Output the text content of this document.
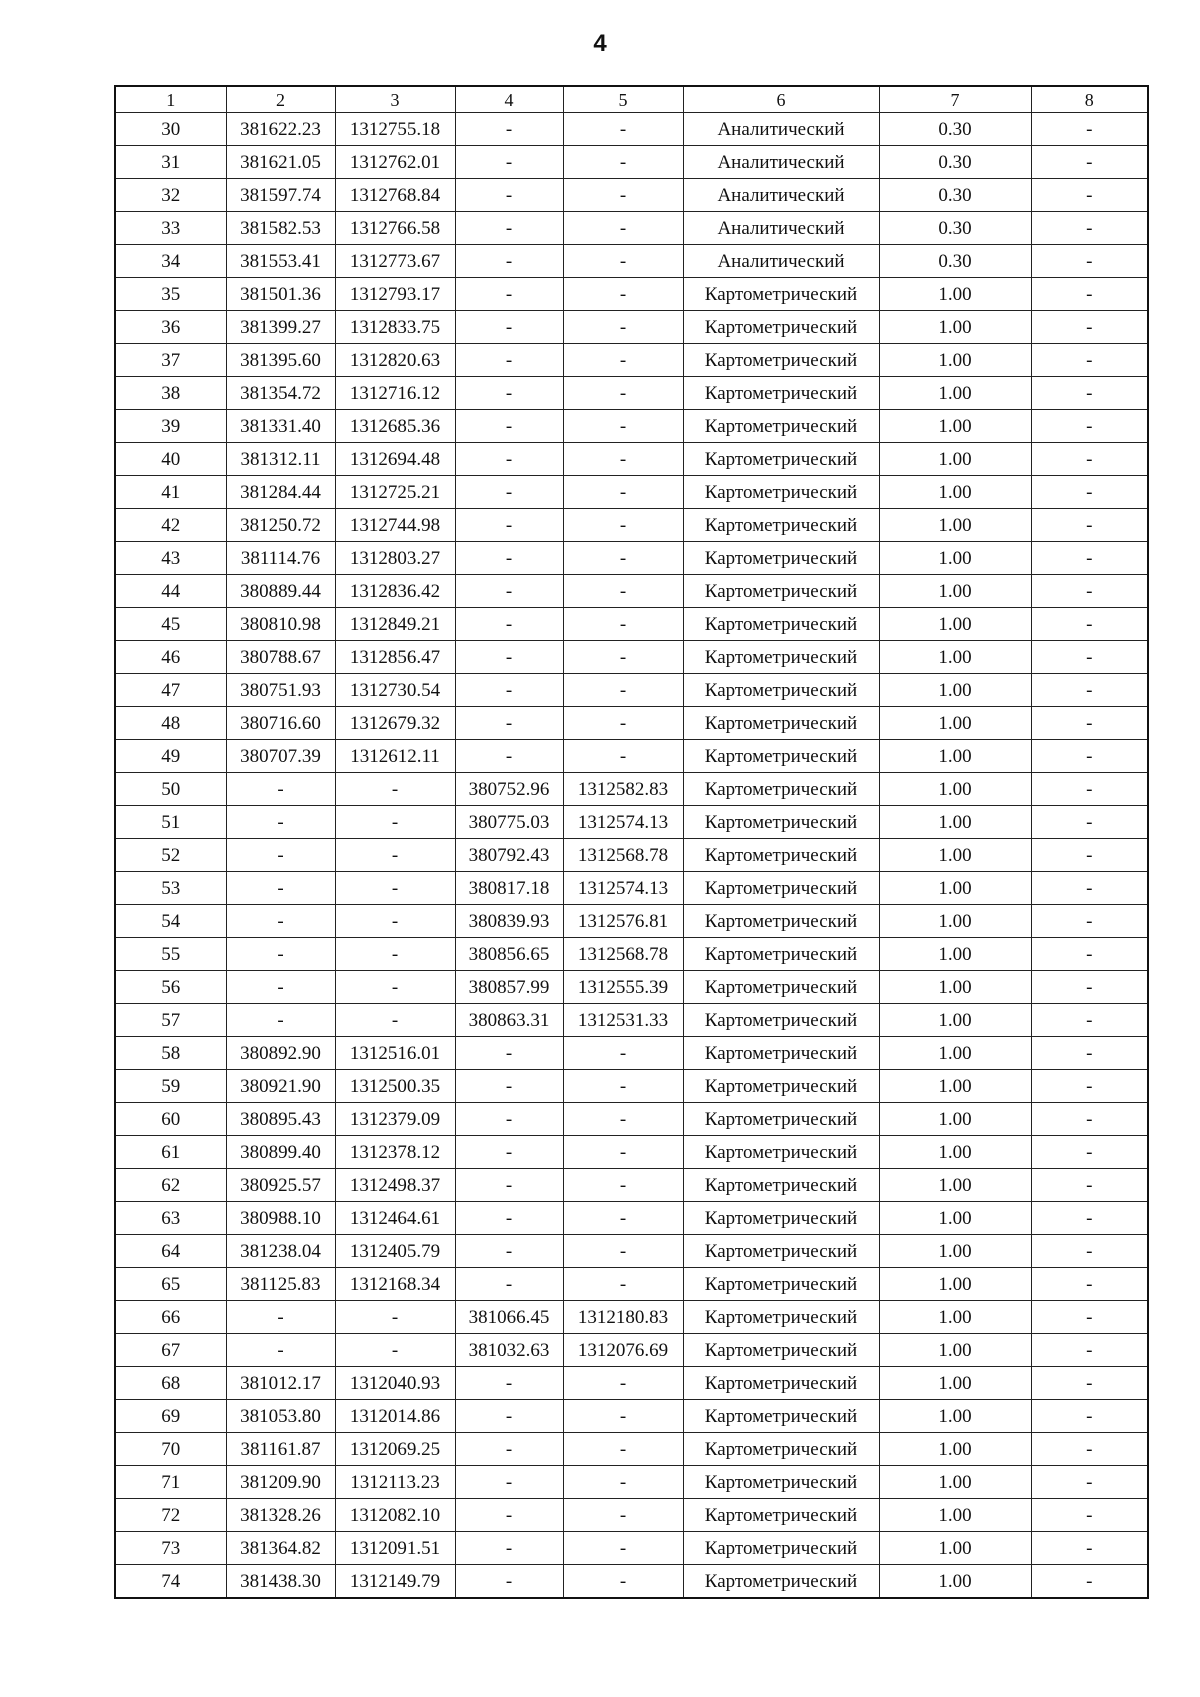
4
1	2	3	4	5	6	7	8
30	381622.23	1312755.18	-	-	Аналитический	0.30	-
31	381621.05	1312762.01	-	-	Аналитический	0.30	-
32	381597.74	1312768.84	-	-	Аналитический	0.30	-
33	381582.53	1312766.58	-	-	Аналитический	0.30	-
34	381553.41	1312773.67	-	-	Аналитический	0.30	-
35	381501.36	1312793.17	-	-	Картометрический	1.00	-
36	381399.27	1312833.75	-	-	Картометрический	1.00	-
37	381395.60	1312820.63	-	-	Картометрический	1.00	-
38	381354.72	1312716.12	-	-	Картометрический	1.00	-
39	381331.40	1312685.36	-	-	Картометрический	1.00	-
40	381312.11	1312694.48	-	-	Картометрический	1.00	-
41	381284.44	1312725.21	-	-	Картометрический	1.00	-
42	381250.72	1312744.98	-	-	Картометрический	1.00	-
43	381114.76	1312803.27	-	-	Картометрический	1.00	-
44	380889.44	1312836.42	-	-	Картометрический	1.00	-
45	380810.98	1312849.21	-	-	Картометрический	1.00	-
46	380788.67	1312856.47	-	-	Картометрический	1.00	-
47	380751.93	1312730.54	-	-	Картометрический	1.00	-
48	380716.60	1312679.32	-	-	Картометрический	1.00	-
49	380707.39	1312612.11	-	-	Картометрический	1.00	-
50	-	-	380752.96	1312582.83	Картометрический	1.00	-
51	-	-	380775.03	1312574.13	Картометрический	1.00	-
52	-	-	380792.43	1312568.78	Картометрический	1.00	-
53	-	-	380817.18	1312574.13	Картометрический	1.00	-
54	-	-	380839.93	1312576.81	Картометрический	1.00	-
55	-	-	380856.65	1312568.78	Картометрический	1.00	-
56	-	-	380857.99	1312555.39	Картометрический	1.00	-
57	-	-	380863.31	1312531.33	Картометрический	1.00	-
58	380892.90	1312516.01	-	-	Картометрический	1.00	-
59	380921.90	1312500.35	-	-	Картометрический	1.00	-
60	380895.43	1312379.09	-	-	Картометрический	1.00	-
61	380899.40	1312378.12	-	-	Картометрический	1.00	-
62	380925.57	1312498.37	-	-	Картометрический	1.00	-
63	380988.10	1312464.61	-	-	Картометрический	1.00	-
64	381238.04	1312405.79	-	-	Картометрический	1.00	-
65	381125.83	1312168.34	-	-	Картометрический	1.00	-
66	-	-	381066.45	1312180.83	Картометрический	1.00	-
67	-	-	381032.63	1312076.69	Картометрический	1.00	-
68	381012.17	1312040.93	-	-	Картометрический	1.00	-
69	381053.80	1312014.86	-	-	Картометрический	1.00	-
70	381161.87	1312069.25	-	-	Картометрический	1.00	-
71	381209.90	1312113.23	-	-	Картометрический	1.00	-
72	381328.26	1312082.10	-	-	Картометрический	1.00	-
73	381364.82	1312091.51	-	-	Картометрический	1.00	-
74	381438.30	1312149.79	-	-	Картометрический	1.00	-
